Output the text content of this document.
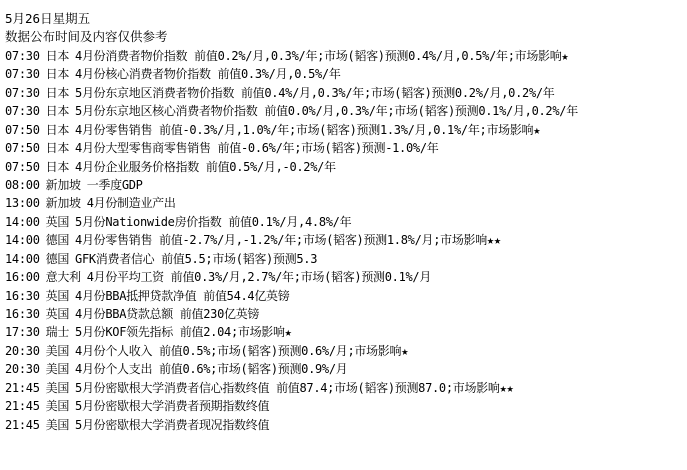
5月26日星期五
数据公布时间及内容仅供参考
07:30 日本 4月份消费者物价指数 前值0.2%/月,0.3%/年;市场(韬客)预测0.4%/月,0.5%/年;市场影响★
07:30 日本 4月份核心消费者物价指数 前值0.3%/月,0.5%/年
07:30 日本 5月份东京地区消费者物价指数 前值0.4%/月,0.3%/年;市场(韬客)预测0.2%/月,0.2%/年
07:30 日本 5月份东京地区核心消费者物价指数 前值0.0%/月,0.3%/年;市场(韬客)预测0.1%/月,0.2%/年
07:50 日本 4月份零售销售 前值-0.3%/月,1.0%/年;市场(韬客)预测1.3%/月,0.1%/年;市场影响★
07:50 日本 4月份大型零售商零售销售 前值-0.6%/年;市场(韬客)预测-1.0%/年
07:50 日本 4月份企业服务价格指数 前值0.5%/月,-0.2%/年
08:00 新加坡 一季度GDP
13:00 新加坡 4月份制造业产出
14:00 英国 5月份Nationwide房价指数 前值0.1%/月,4.8%/年
14:00 德国 4月份零售销售 前值-2.7%/月,-1.2%/年;市场(韬客)预测1.8%/月;市场影响★★
14:00 德国 GFK消费者信心 前值5.5;市场(韬客)预测5.3
16:00 意大利 4月份平均工资 前值0.3%/月,2.7%/年;市场(韬客)预测0.1%/月
16:30 英国 4月份BBA抵押贷款净值 前值54.4亿英镑
16:30 英国 4月份BBA贷款总额 前值230亿英镑
17:30 瑞士 5月份KOF领先指标 前值2.04;市场影响★
20:30 美国 4月份个人收入 前值0.5%;市场(韬客)预测0.6%/月;市场影响★
20:30 美国 4月份个人支出 前值0.6%;市场(韬客)预测0.9%/月
21:45 美国 5月份密歇根大学消费者信心指数终值 前值87.4;市场(韬客)预测87.0;市场影响★★
21:45 美国 5月份密歇根大学消费者预期指数终值
21:45 美国 5月份密歇根大学消费者现况指数终值
